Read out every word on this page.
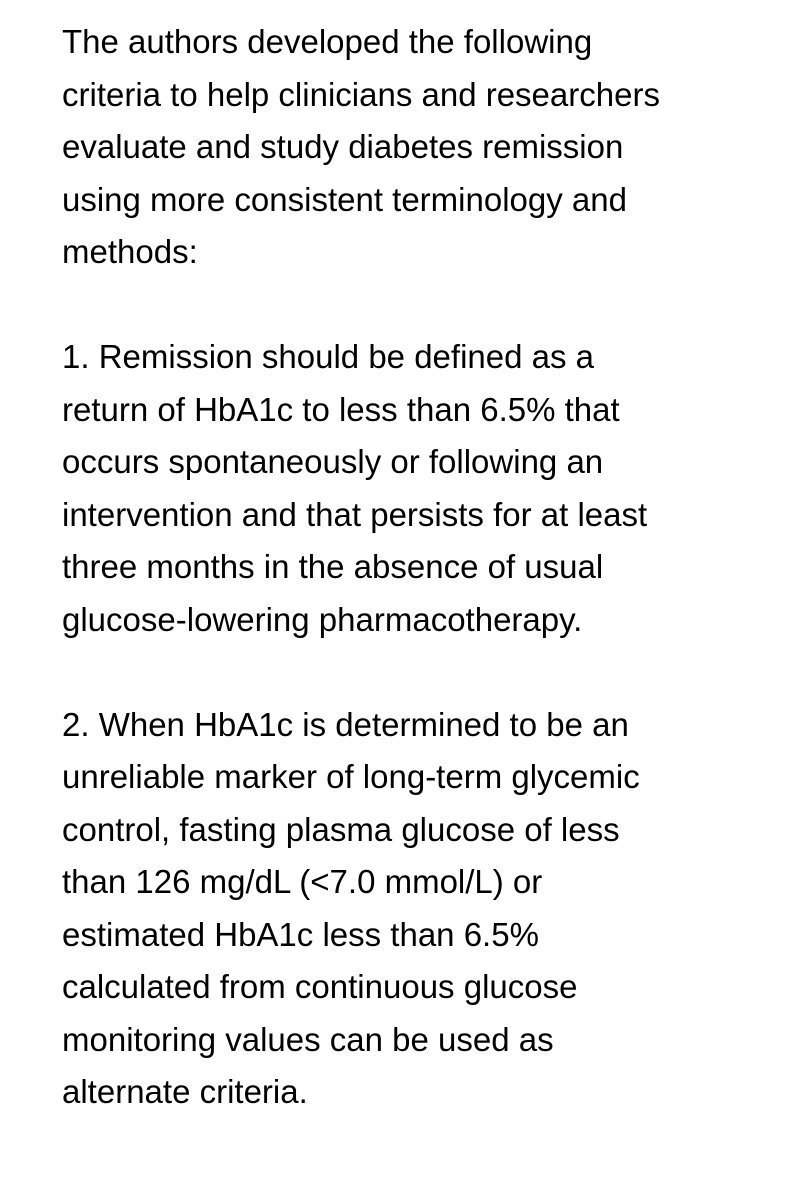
The authors developed the following
criteria to help clinicians and researchers
evaluate and study diabetes remission
using more consistent terminology and
methods:

1. Remission should be defined as a
return of HbA1c to less than 6.5% that
occurs spontaneously or following an
intervention and that persists for at least
three months in the absence of usual
glucose-lowering pharmacotherapy.

2. When HbA1c is determined to be an
unreliable marker of long-term glycemic
control, fasting plasma glucose of less
than 126 mg/dL (<7.0 mmol/L) or
estimated HbA1c less than 6.5%
calculated from continuous glucose
monitoring values can be used as
alternate criteria.
